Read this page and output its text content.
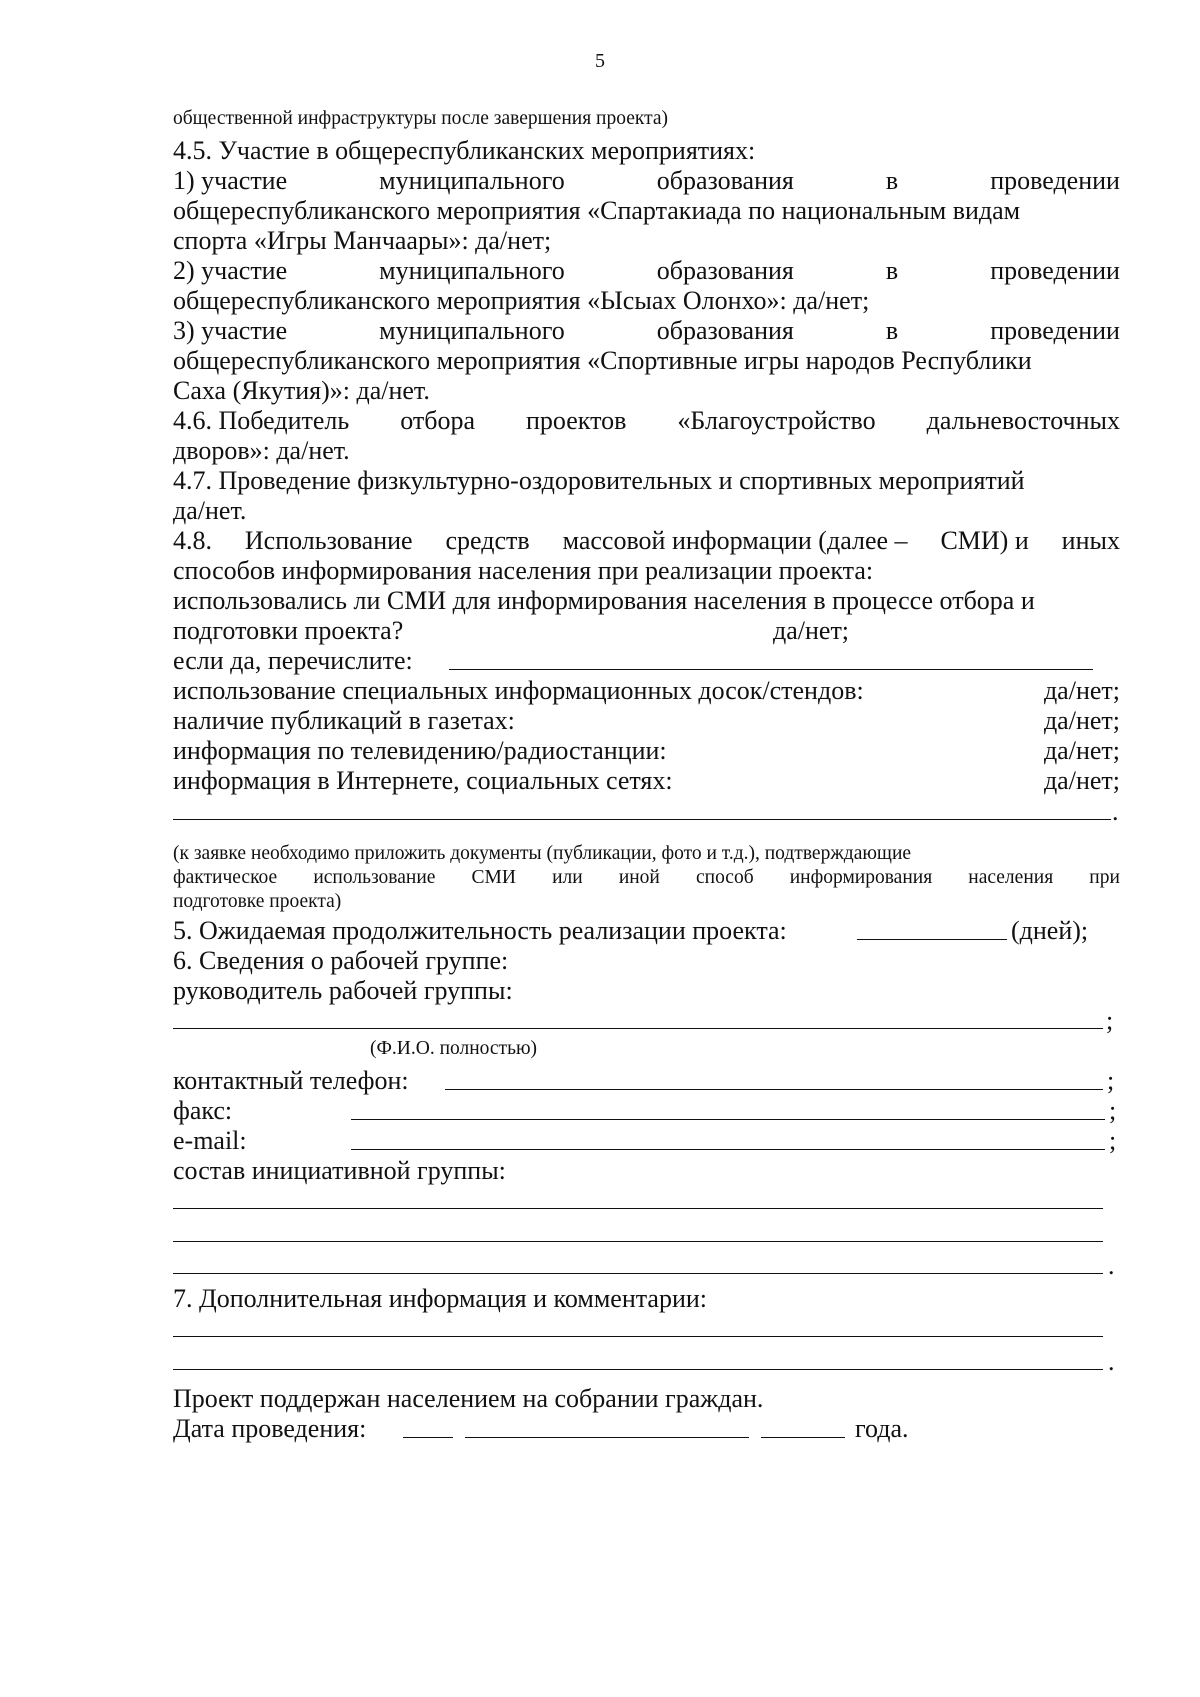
5
общественной инфраструктуры после завершения проекта)
4.5. Участие в общереспубликанских мероприятиях:
1) участие	муниципального	образования	в	проведении
общереспубликанского мероприятия «Спартакиада по национальным видам
спорта «Игры Манчаары»: да/нет;
2) участие	муниципального	образования	в	проведении
общереспубликанского мероприятия «Ысыах Олонхо»: да/нет;
3) участие	муниципального	образования	в	проведении
общереспубликанского мероприятия «Спортивные игры народов Республики
Саха (Якутия)»: да/нет.
4.6. Победитель отбора проектов «Благоустройство дальневосточных
дворов»: да/нет.
4.7. Проведение физкультурно-оздоровительных и спортивных мероприятий
да/нет.
4.8. Использование средств массовой информации (далее – СМИ) и иных
способов информирования населения при реализации проекта:
использовались ли СМИ для информирования населения в процессе отбора и
подготовки проекта?	да/нет;
если да, перечислите:
использование специальных информационных досок/стендов:	да/нет;
наличие публикаций в газетах:	да/нет;
информация по телевидению/радиостанции:	да/нет;
информация в Интернете, социальных сетях:	да/нет;
.
(к заявке необходимо приложить документы (публикации, фото и т.д.), подтверждающие
фактическое использование СМИ или иной способ информирования населения при
подготовке проекта)
5. Ожидаемая продолжительность реализации проекта:	(дней);
6. Сведения о рабочей группе:
руководитель рабочей группы:
;
(Ф.И.О. полностью)
контактный телефон:	;
факс:	;
e-mail:	;
состав инициативной группы:
.
7. Дополнительная информация и комментарии:
.
Проект поддержан населением на собрании граждан.
Дата проведения:	года.
